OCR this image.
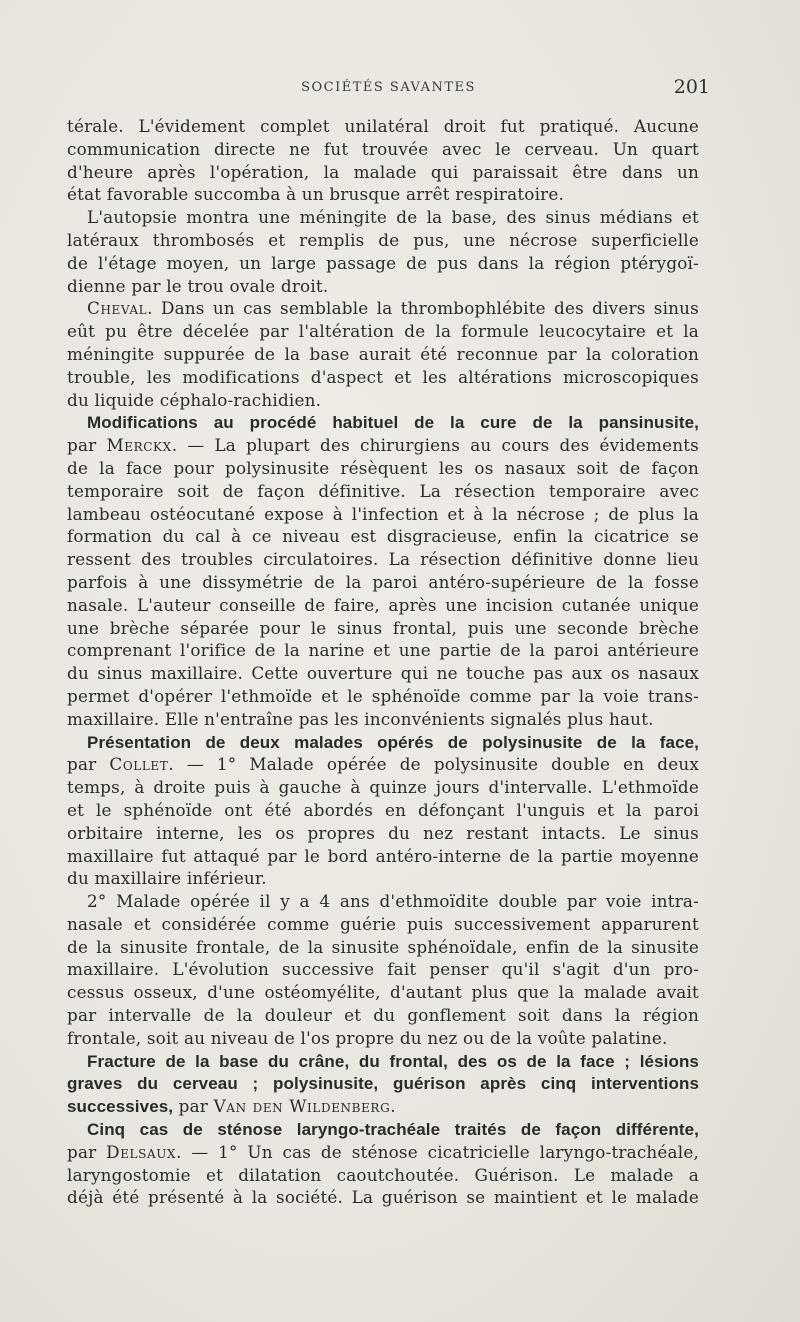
SOCIÉTÉS SAVANTES	201
térale. L'évidement complet unilatéral droit fut pratiqué. Aucune
communication directe ne fut trouvée avec le cerveau. Un quart
d'heure après l'opération, la malade qui paraissait être dans un
état favorable succomba à un brusque arrêt respiratoire.
L'autopsie montra une méningite de la base, des sinus médians et
latéraux thrombosés et remplis de pus, une nécrose superficielle
de l'étage moyen, un large passage de pus dans la région ptérygoï-
dienne par le trou ovale droit.
Cheval. Dans un cas semblable la thrombophlébite des divers sinus
eût pu être décelée par l'altération de la formule leucocytaire et la
méningite suppurée de la base aurait été reconnue par la coloration
trouble, les modifications d'aspect et les altérations microscopiques
du liquide céphalo-rachidien.
Modifications au procédé habituel de la cure de la pansinusite,
par Merckx. — La plupart des chirurgiens au cours des évidements
de la face pour polysinusite résèquent les os nasaux soit de façon
temporaire soit de façon définitive. La résection temporaire avec
lambeau ostéocutané expose à l'infection et à la nécrose ; de plus la
formation du cal à ce niveau est disgracieuse, enfin la cicatrice se
ressent des troubles circulatoires. La résection définitive donne lieu
parfois à une dissymétrie de la paroi antéro-supérieure de la fosse
nasale. L'auteur conseille de faire, après une incision cutanée unique
une brèche séparée pour le sinus frontal, puis une seconde brèche
comprenant l'orifice de la narine et une partie de la paroi antérieure
du sinus maxillaire. Cette ouverture qui ne touche pas aux os nasaux
permet d'opérer l'ethmoïde et le sphénoïde comme par la voie trans-
maxillaire. Elle n'entraîne pas les inconvénients signalés plus haut.
Présentation de deux malades opérés de polysinusite de la face,
par Collet. — 1° Malade opérée de polysinusite double en deux
temps, à droite puis à gauche à quinze jours d'intervalle. L'ethmoïde
et le sphénoïde ont été abordés en défonçant l'unguis et la paroi
orbitaire interne, les os propres du nez restant intacts. Le sinus
maxillaire fut attaqué par le bord antéro-interne de la partie moyenne
du maxillaire inférieur.
2° Malade opérée il y a 4 ans d'ethmoïdite double par voie intra-
nasale et considérée comme guérie puis successivement apparurent
de la sinusite frontale, de la sinusite sphénoïdale, enfin de la sinusite
maxillaire. L'évolution successive fait penser qu'il s'agit d'un pro-
cessus osseux, d'une ostéomyélite, d'autant plus que la malade avait
par intervalle de la douleur et du gonflement soit dans la région
frontale, soit au niveau de l'os propre du nez ou de la voûte palatine.
Fracture de la base du crâne, du frontal, des os de la face ; lésions
graves du cerveau ; polysinusite, guérison après cinq interventions
successives, par Van den Wildenberg.
Cinq cas de sténose laryngo-trachéale traités de façon différente,
par Delsaux. — 1° Un cas de sténose cicatricielle laryngo-trachéale,
laryngostomie et dilatation caoutchoutée. Guérison. Le malade a
déjà été présenté à la société. La guérison se maintient et le malade
